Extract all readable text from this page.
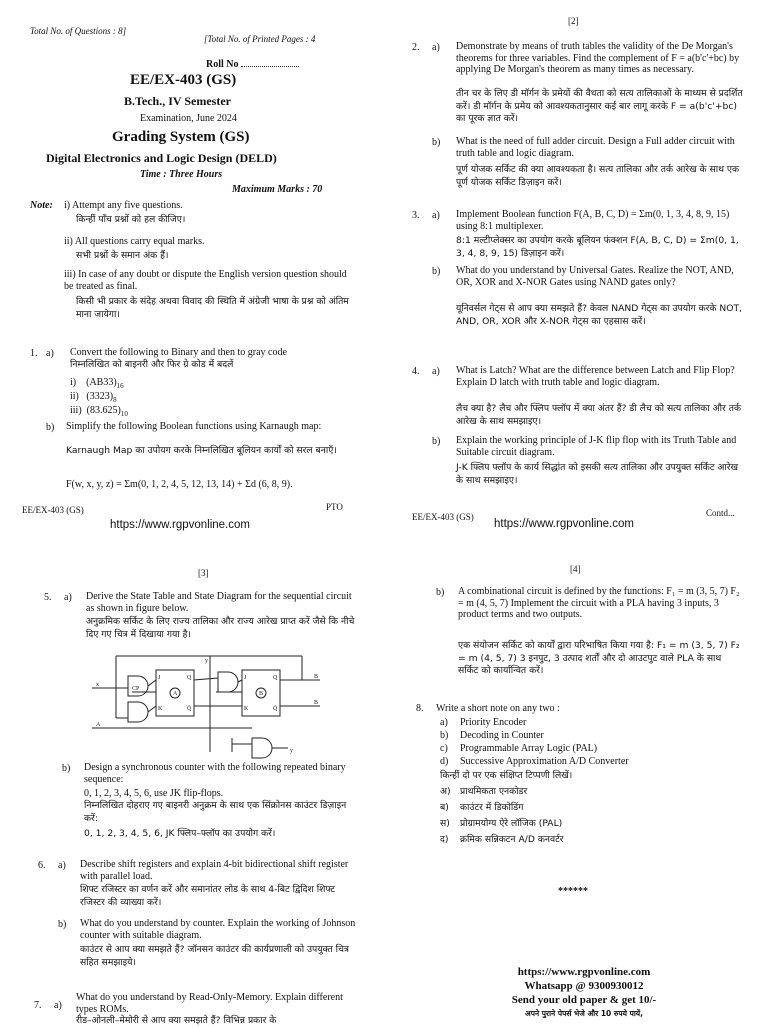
Total No. of Questions : 8]
[Total No. of Printed Pages : 4
Roll No
EE/EX-403 (GS)
B.Tech., IV Semester
Examination, June 2024
Grading System (GS)
Digital Electronics and Logic Design (DELD)
Time : Three Hours
Maximum Marks : 70
Note: i) Attempt any five questions.
किन्हीं पाँच प्रश्नों को हल कीजिए।
ii) All questions carry equal marks.
सभी प्रश्नों के समान अंक हैं।
iii) In case of any doubt or dispute the English version question should be treated as final.
किसी भी प्रकार के संदेह अथवा विवाद की स्थिति में अंग्रेजी भाषा के प्रश्न को अंतिम माना जायेगा।
1. a) Convert the following to Binary and then to gray code
निम्नलिखित को बाइनरी और फिर ग्रे कोड में बदलें
i) $(AB33)_{16}$
ii) $(3323)_8$
iii) $(83.625)_{10}$
b) Simplify the following Boolean functions using Karnaugh map:
Karnaugh Map का उपोयग करके निम्नलिखित बूलियन कार्यों को सरल बनाएँ।
F(w, x, y, z) = Σm(0, 1, 2, 4, 5, 12, 13, 14) + Σd (6, 8, 9).
EE/EX-403 (GS)	PTO
https://www.rgpvonline.com
[2]
2. a) Demonstrate by means of truth tables the validity of the De Morgan's theorems for three variables. Find the complement of F = a(b'c'+bc) by applying De Morgan's theorem as many times as necessary.
तीन चर के लिए डी मॉर्गन के प्रमेयों की वैधता को सत्य तालिकाओं के माध्यम से प्रदर्शित करें। डी मॉर्गन के प्रमेय को आवश्यकतानुसार कई बार लागू करके F = a(b'c'+bc) का पूरक ज्ञात करें।
b) What is the need of full adder circuit. Design a Full adder circuit with truth table and logic diagram.
पूर्ण योजक सर्किट की क्या आवश्यकता है। सत्य तालिका और तर्क आरेख के साथ एक पूर्ण योजक सर्किट डिज़ाइन करें।
3. a) Implement Boolean function F(A, B, C, D) = Σm(0, 1, 3, 4, 8, 9, 15) using 8:1 multiplexer.
8:1 मल्टीप्लेक्सर का उपयोग करके बूलियन फंक्शन F(A, B, C, D) = Σm(0, 1, 3, 4, 8, 9, 15) डिज़ाइन करें।
b) What do you understand by Universal Gates. Realize the NOT, AND, OR, XOR and X-NOR Gates using NAND gates only?
यूनिवर्सल गेट्स से आप क्या समझते हैं? केवल NAND गेट्स का उपयोग करके NOT, AND, OR, XOR और X-NOR गेट्स का एहसास करें।
4. a) What is Latch? What are the difference between Latch and Flip Flop? Explain D latch with truth table and logic diagram.
लैच क्या है? लैच और फ्लिप फ्लॉप में क्या अंतर हैं? डी लैच को सत्य तालिका और तर्क आरेख के साथ समझाइए।
b) Explain the working principle of J-K flip flop with its Truth Table and Suitable circuit diagram.
J-K फ्लिप फ्लॉप के कार्य सिद्धांत को इसकी सत्य तालिका और उपयुक्त सर्किट आरेख के साथ समझाइए।
EE/EX-403 (GS)	Contd...
https://www.rgpvonline.com
[3]
5. a) Derive the State Table and State Diagram for the sequential circuit as shown in figure below.
अनुक्रमिक सर्किट के लिए राज्य तालिका और राज्य आरेख प्राप्त करें जैसे कि नीचे दिए गए चित्र में दिखाया गया है।
J
K
Q
Q̄
J
K
Q
Q̄
A	B
CP
x
A
y
B
B
y
b) Design a synchronous counter with the following repeated binary sequence:
0, 1, 2, 3, 4, 5, 6, use JK flip-flops.
निम्नलिखित दोहराए गए बाइनरी अनुक्रम के साथ एक सिंक्रोनस काउंटर डिज़ाइन करें:
0, 1, 2, 3, 4, 5, 6, JK फ्लिप–फ्लॉप का उपयोग करें।
6. a) Describe shift registers and explain 4-bit bidirectional shift register with parallel load.
शिफ्ट रजिस्टर का वर्णन करें और समानांतर लोड के साथ 4-बिट द्विदिश शिफ्ट रजिस्टर की व्याख्या करें।
b) What do you understand by counter. Explain the working of Johnson counter with suitable diagram.
काउंटर से आप क्या समझते हैं? जॉनसन काउंटर की कार्यप्रणाली को उपयुक्त चित्र सहित समझाइये।
7. a)
What do you understand by Read-Only-Memory. Explain different types ROMs.
रीड–ओनली–मेमोरी से आप क्या समझते हैं? विभिन्न प्रकार के
[4]
b) A combinational circuit is defined by the functions: F₁ = m (3, 5, 7) F₂ = m (4, 5, 7) Implement the circuit with a PLA having 3 inputs, 3 product terms and two outputs.
एक संयोजन सर्किट को कार्यों द्वारा परिभाषित किया गया है: F₁ = m (3, 5, 7) F₂ = m (4, 5, 7) 3 इनपुट, 3 उत्पाद शर्तों और दो आउटपुट वाले PLA के साथ सर्किट को कार्यान्वित करें।
8. Write a short note on any two :
a) Priority Encoder
b) Decoding in Counter
c) Programmable Array Logic (PAL)
d) Successive Approximation A/D Converter
किन्हीं दो पर एक संक्षिप्त टिप्पणी लिखें।
अ) प्राथमिकता एनकोडर
ब) काउंटर में डिकोडिंग
स) प्रोग्रामयोग्य ऐरे लॉजिक (PAL)
द) क्रमिक सन्निकटन A/D कनवर्टर
******
https://www.rgpvonline.com
Whatsapp @ 9300930012
Send your old paper & get 10/-
अपने पुराने पेपर्स भेजे और 10 रुपये पायें,
